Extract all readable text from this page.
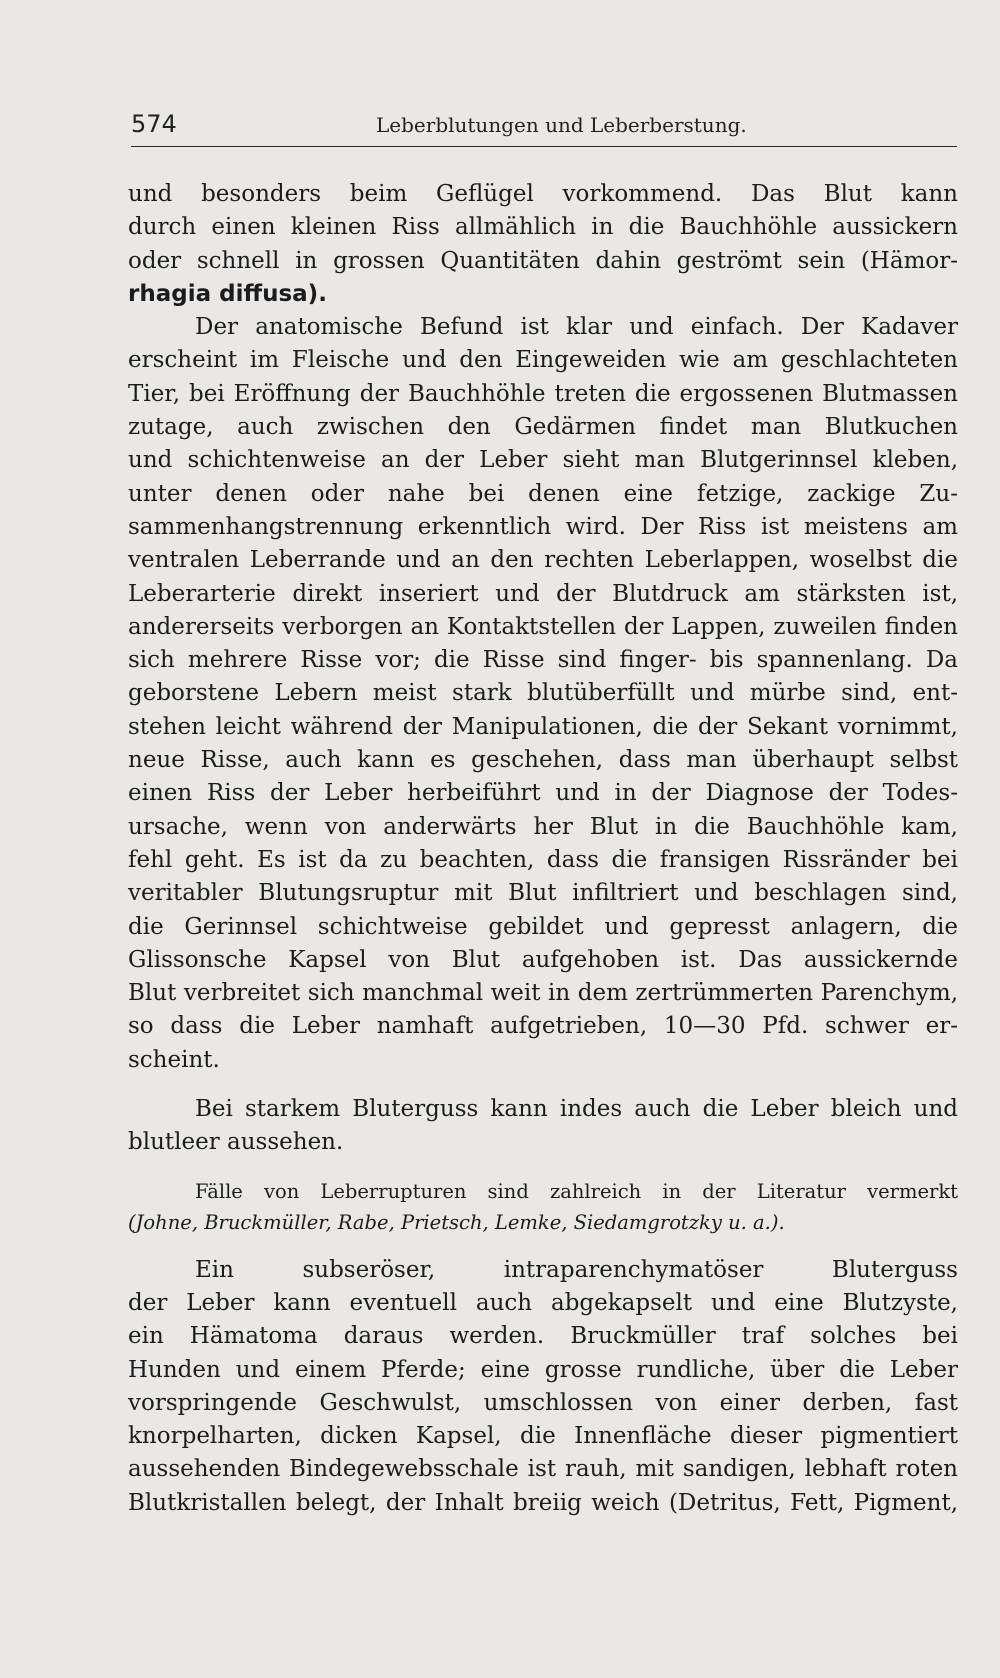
574	Leberblutungen und Leberberstung.
und besonders beim Geflügel vorkommend. Das Blut kann
durch einen kleinen Riss allmählich in die Bauchhöhle aussickern
oder schnell in grossen Quantitäten dahin geströmt sein (Hämor-
rhagia diffusa).
Der anatomische Befund ist klar und einfach. Der Kadaver
erscheint im Fleische und den Eingeweiden wie am geschlachteten
Tier, bei Eröffnung der Bauchhöhle treten die ergossenen Blutmassen
zutage, auch zwischen den Gedärmen findet man Blutkuchen
und schichtenweise an der Leber sieht man Blutgerinnsel kleben,
unter denen oder nahe bei denen eine fetzige, zackige Zu-
sammenhangstrennung erkenntlich wird. Der Riss ist meistens am
ventralen Leberrande und an den rechten Leberlappen, woselbst die
Leberarterie direkt inseriert und der Blutdruck am stärksten ist,
andererseits verborgen an Kontaktstellen der Lappen, zuweilen finden
sich mehrere Risse vor; die Risse sind finger- bis spannenlang. Da
geborstene Lebern meist stark blutüberfüllt und mürbe sind, ent-
stehen leicht während der Manipulationen, die der Sekant vornimmt,
neue Risse, auch kann es geschehen, dass man überhaupt selbst
einen Riss der Leber herbeiführt und in der Diagnose der Todes-
ursache, wenn von anderwärts her Blut in die Bauchhöhle kam,
fehl geht. Es ist da zu beachten, dass die fransigen Rissränder bei
veritabler Blutungsruptur mit Blut infiltriert und beschlagen sind,
die Gerinnsel schichtweise gebildet und gepresst anlagern, die
Glissonsche Kapsel von Blut aufgehoben ist. Das aussickernde
Blut verbreitet sich manchmal weit in dem zertrümmerten Parenchym,
so dass die Leber namhaft aufgetrieben, 10—30 Pfd. schwer er-
scheint.
Bei starkem Bluterguss kann indes auch die Leber bleich und
blutleer aussehen.
Fälle von Leberrupturen sind zahlreich in der Literatur vermerkt
(Johne, Bruckmüller, Rabe, Prietsch, Lemke, Siedamgrotzky u. a.).
Ein subseröser, intraparenchymatöser Bluterguss
der Leber kann eventuell auch abgekapselt und eine Blutzyste,
ein Hämatoma daraus werden. Bruckmüller traf solches bei
Hunden und einem Pferde; eine grosse rundliche, über die Leber
vorspringende Geschwulst, umschlossen von einer derben, fast
knorpelharten, dicken Kapsel, die Innenfläche dieser pigmentiert
aussehenden Bindegewebsschale ist rauh, mit sandigen, lebhaft roten
Blutkristallen belegt, der Inhalt breiig weich (Detritus, Fett, Pigment,
